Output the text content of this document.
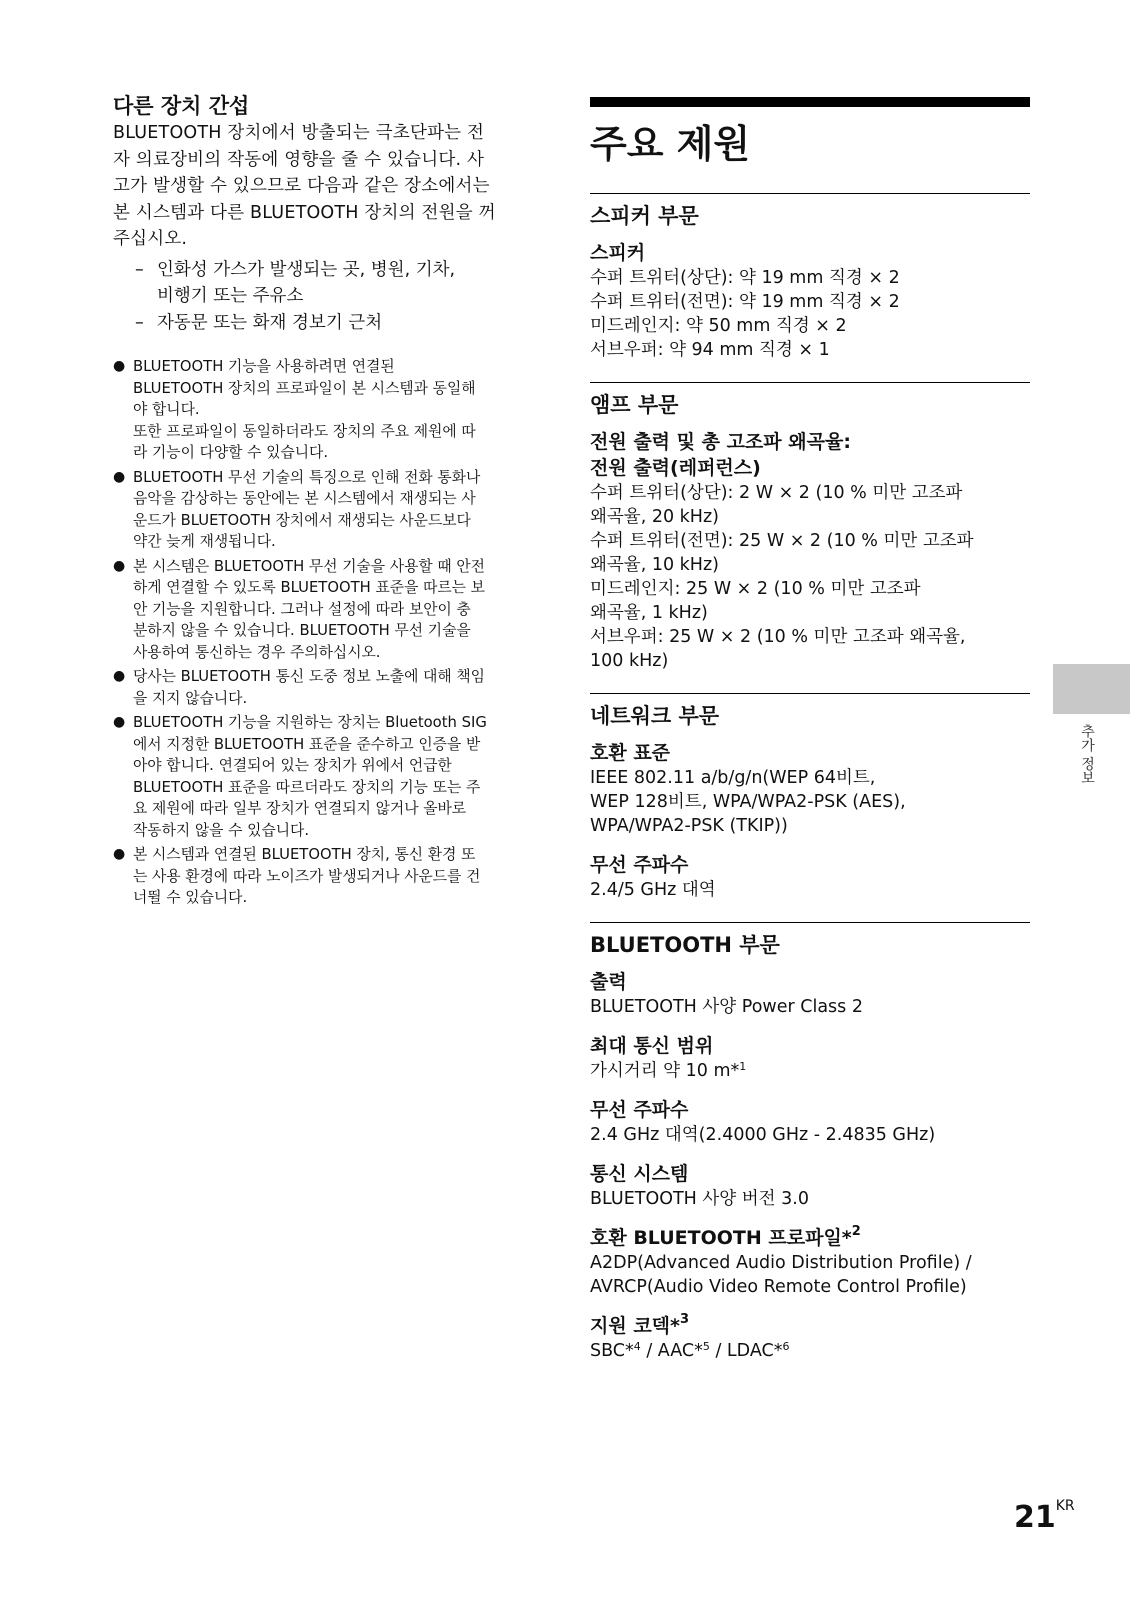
다른 장치 간섭

BLUETOOTH 장치에서 방출되는 극초단파는 전
자 의료장비의 작동에 영향을 줄 수 있습니다. 사
고가 발생할 수 있으므로 다음과 같은 장소에서는
본 시스템과 다른 BLUETOOTH 장치의 전원을 꺼
주십시오.

– 인화성 가스가 발생되는 곳, 병원, 기차,
비행기 또는 주유소
– 자동문 또는 화재 경보기 근처
● BLUETOOTH 기능을 사용하려면 연결된
BLUETOOTH 장치의 프로파일이 본 시스템과 동일해
야 합니다.
또한 프로파일이 동일하더라도 장치의 주요 제원에 따
라 기능이 다양할 수 있습니다.

● BLUETOOTH 무선 기술의 특징으로 인해 전화 통화나
음악을 감상하는 동안에는 본 시스템에서 재생되는 사
운드가 BLUETOOTH 장치에서 재생되는 사운드보다
약간 늦게 재생됩니다.

● 본 시스템은 BLUETOOTH 무선 기술을 사용할 때 안전
하게 연결할 수 있도록 BLUETOOTH 표준을 따르는 보
안 기능을 지원합니다. 그러나 설정에 따라 보안이 충
분하지 않을 수 있습니다. BLUETOOTH 무선 기술을
사용하여 통신하는 경우 주의하십시오.

● 당사는 BLUETOOTH 통신 도중 정보 노출에 대해 책임
을 지지 않습니다.

● BLUETOOTH 기능을 지원하는 장치는 Bluetooth SIG
에서 지정한 BLUETOOTH 표준을 준수하고 인증을 받
아야 합니다. 연결되어 있는 장치가 위에서 언급한
BLUETOOTH 표준을 따르더라도 장치의 기능 또는 주
요 제원에 따라 일부 장치가 연결되지 않거나 올바로
작동하지 않을 수 있습니다.

● 본 시스템과 연결된 BLUETOOTH 장치, 통신 환경 또
는 사용 환경에 따라 노이즈가 발생되거나 사운드를 건
너뛸 수 있습니다.

주요 제원
스피커 부문
스피커

수퍼 트위터(상단): 약 19 mm 직경 × 2
수퍼 트위터(전면): 약 19 mm 직경 × 2
미드레인지: 약 50 mm 직경 × 2
서브우퍼: 약 94 mm 직경 × 1

앰프 부문
전원 출력 및 총 고조파 왜곡율:
전원 출력(레퍼런스)

수퍼 트위터(상단): 2 W × 2 (10 % 미만 고조파
왜곡율, 20 kHz)
수퍼 트위터(전면): 25 W × 2 (10 % 미만 고조파
왜곡율, 10 kHz)
미드레인지: 25 W × 2 (10 % 미만 고조파
왜곡율, 1 kHz)
서브우퍼: 25 W × 2 (10 % 미만 고조파 왜곡율,
100 kHz)

네트워크 부문
호환 표준

IEEE 802.11 a/b/g/n(WEP 64비트,
WEP 128비트, WPA/WPA2-PSK (AES),
WPA/WPA2-PSK (TKIP))

무선 주파수

2.4/5 GHz 대역

BLUETOOTH 부문
출력

BLUETOOTH 사양 Power Class 2

최대 통신 범위

가시거리 약 10 m*$^1$

무선 주파수

2.4 GHz 대역(2.4000 GHz - 2.4835 GHz)

통신 시스템

BLUETOOTH 사양 버전 3.0

호환 BLUETOOTH 프로파일*$^2$

A2DP(Advanced Audio Distribution Profile) /
AVRCP(Audio Video Remote Control Profile)

지원 코덱*$^3$

SBC*$^4$ / AAC*$^5$ / LDAC*$^6$

추가 정보
$21^{KR}$
